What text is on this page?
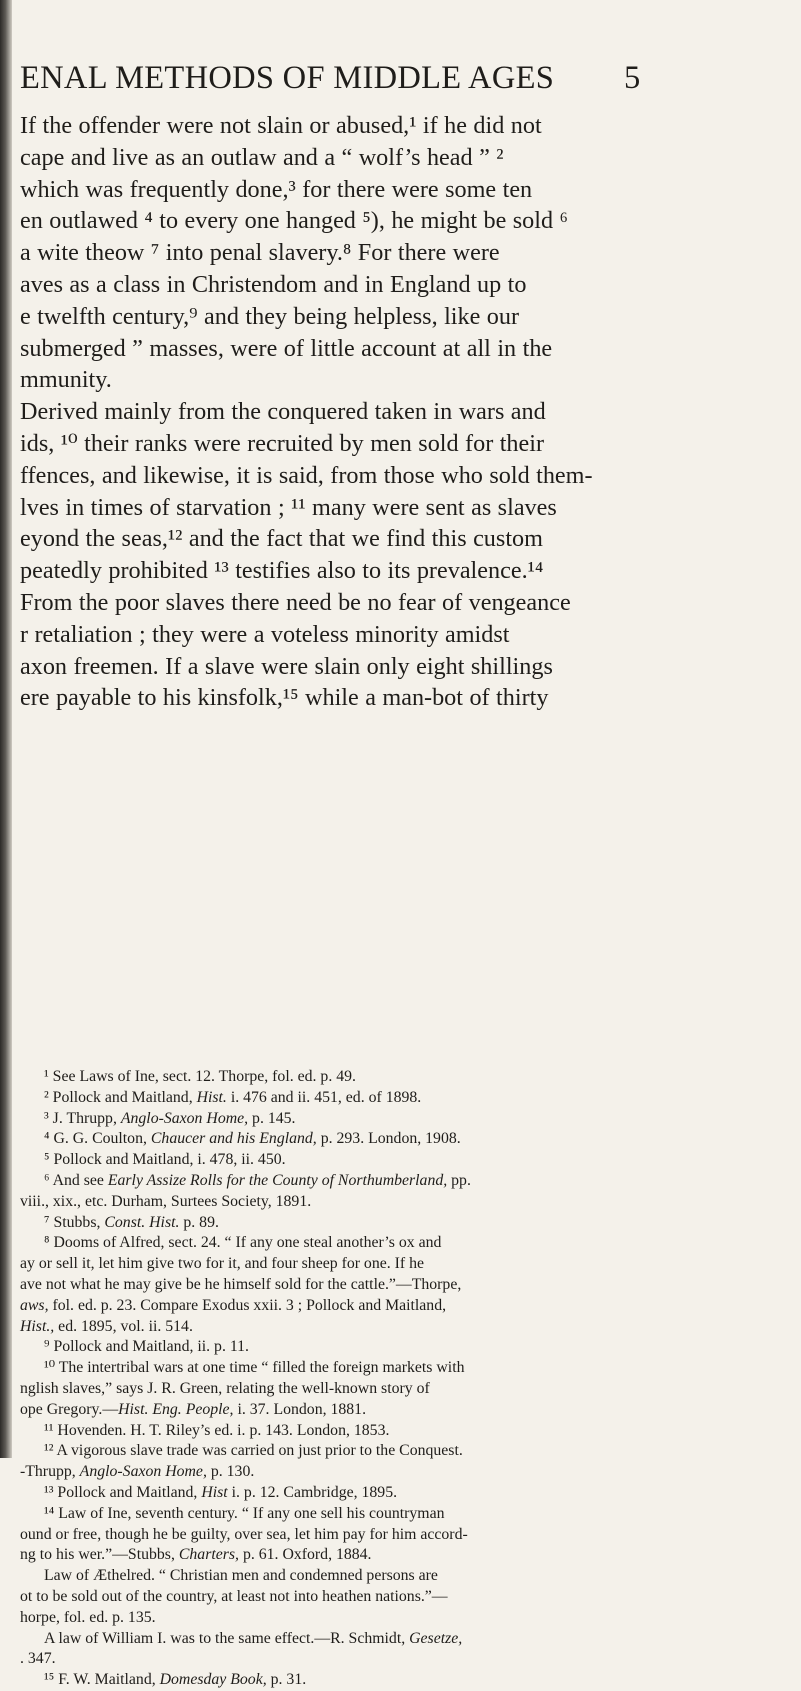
ENAL METHODS OF MIDDLE AGES 5

If the offender were not slain or abused,¹ if he did not

cape and live as an outlaw and a “ wolf’s head ” ²

which was frequently done,³ for there were some ten

en outlawed ⁴ to every one hanged ⁵), he might be sold ⁶

a wite theow ⁷ into penal slavery.⁸ For there were

aves as a class in Christendom and in England up to

e twelfth century,⁹ and they being helpless, like our

submerged ” masses, were of little account at all in the

mmunity.

Derived mainly from the conquered taken in wars and

ids, ¹⁰ their ranks were recruited by men sold for their

ffences, and likewise, it is said, from those who sold them-

lves in times of starvation ; ¹¹ many were sent as slaves

eyond the seas,¹² and the fact that we find this custom

peatedly prohibited ¹³ testifies also to its prevalence.¹⁴

From the poor slaves there need be no fear of vengeance

r retaliation ; they were a voteless minority amidst

axon freemen. If a slave were slain only eight shillings

ere payable to his kinsfolk,¹⁵ while a man-bot of thirty

¹ See Laws of Ine, sect. 12. Thorpe, fol. ed. p. 49.

² Pollock and Maitland, Hist. i. 476 and ii. 451, ed. of 1898.

³ J. Thrupp, Anglo-Saxon Home, p. 145.

⁴ G. G. Coulton, Chaucer and his England, p. 293. London, 1908.

⁵ Pollock and Maitland, i. 478, ii. 450.

⁶ And see Early Assize Rolls for the County of Northumberland, pp.

viii., xix., etc. Durham, Surtees Society, 1891.

⁷ Stubbs, Const. Hist. p. 89.

⁸ Dooms of Alfred, sect. 24. “ If any one steal another’s ox and

ay or sell it, let him give two for it, and four sheep for one. If he

ave not what he may give be he himself sold for the cattle.”—Thorpe,

aws, fol. ed. p. 23. Compare Exodus xxii. 3 ; Pollock and Maitland,

Hist., ed. 1895, vol. ii. 514.

⁹ Pollock and Maitland, ii. p. 11.

¹⁰ The intertribal wars at one time “ filled the foreign markets with

nglish slaves,” says J. R. Green, relating the well-known story of

ope Gregory.—Hist. Eng. People, i. 37. London, 1881.

¹¹ Hovenden. H. T. Riley’s ed. i. p. 143. London, 1853.

¹² A vigorous slave trade was carried on just prior to the Conquest.

-Thrupp, Anglo-Saxon Home, p. 130.

¹³ Pollock and Maitland, Hist i. p. 12. Cambridge, 1895.

¹⁴ Law of Ine, seventh century. “ If any one sell his countryman

ound or free, though he be guilty, over sea, let him pay for him accord-

ng to his wer.”—Stubbs, Charters, p. 61. Oxford, 1884.

Law of Æthelred. “ Christian men and condemned persons are

ot to be sold out of the country, at least not into heathen nations.”—

horpe, fol. ed. p. 135.

A law of William I. was to the same effect.—R. Schmidt, Gesetze,

. 347.

¹⁵ F. W. Maitland, Domesday Book, p. 31.
